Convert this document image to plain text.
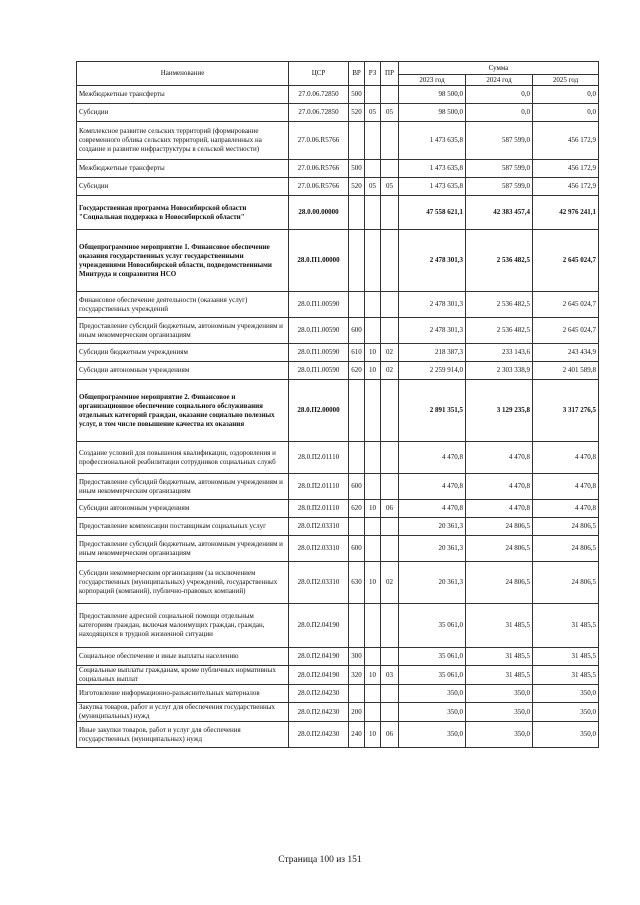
Наименование	ЦСР	ВР	РЗ	ПР	Сумма		
					2023 год	2024 год	2025 год
Межбюджетные трансферты	27.0.06.72850	500			98 500,0	0,0	0,0
Субсидии	27.0.06.72850	520	05	05	98 500,0	0,0	0,0
Комплексное развитие сельских территорий (формирование современного облика сельских территорий, направленных на создание и развитие инфраструктуры в сельской местности)	27.0.06.R5766				1 473 635,8	587 599,0	456 172,9
Межбюджетные трансферты	27.0.06.R5766	500			1 473 635,8	587 599,0	456 172,9
Субсидии	27.0.06.R5766	520	05	05	1 473 635,8	587 599,0	456 172,9
Государственная программа Новосибирской области "Социальная поддержка в Новосибирской области"	28.0.00.00000				47 558 621,1	42 383 457,4	42 976 241,1
Общепрограммное мероприятие 1. Финансовое обеспечение оказания государственных услуг государственными учреждениями Новосибирской области, подведомственными Минтруда и соцразвития НСО	28.0.П1.00000				2 478 301,3	2 536 482,5	2 645 024,7
Финансовое обеспечение деятельности (оказания услуг) государственных учреждений	28.0.П1.00590				2 478 301,3	2 536 482,5	2 645 024,7
Предоставление субсидий бюджетным, автономным учреждениям и иным некоммерческим организациям	28.0.П1.00590	600			2 478 301,3	2 536 482,5	2 645 024,7
Субсидии бюджетным учреждениям	28.0.П1.00590	610	10	02	218 387,3	233 143,6	243 434,9
Субсидии автономным учреждениям	28.0.П1.00590	620	10	02	2 259 914,0	2 303 338,9	2 401 589,8
Общепрограммное мероприятие 2. Финансовое и организационное обеспечение социального обслуживания отдельных категорий граждан, оказание социально полезных услуг, в том числе повышение качества их оказания	28.0.П2.00000				2 891 351,5	3 129 235,8	3 317 276,5
Создание условий для повышения квалификации, оздоровления и профессиональной реабилитации сотрудников социальных служб	28.0.П2.01110				4 470,8	4 470,8	4 470,8
Предоставление субсидий бюджетным, автономным учреждениям и иным некоммерческим организациям	28.0.П2.01110	600			4 470,8	4 470,8	4 470,8
Субсидии автономным учреждениям	28.0.П2.01110	620	10	06	4 470,8	4 470,8	4 470,8
Предоставление компенсации поставщикам социальных услуг	28.0.П2.03310				20 361,3	24 806,5	24 806,5
Предоставление субсидий бюджетным, автономным учреждениям и иным некоммерческим организациям	28.0.П2.03310	600			20 361,3	24 806,5	24 806,5
Субсидии некоммерческим организациям (за исключением государственных (муниципальных) учреждений, государственных корпораций (компаний), публично-правовых компаний)	28.0.П2.03310	630	10	02	20 361,3	24 806,5	24 806,5
Предоставление адресной социальной помощи отдельным категориям граждан, включая малоимущих граждан, граждан, находящихся в трудной жизненной ситуации	28.0.П2.04190				35 061,0	31 485,5	31 485,5
Социальное обеспечение и иные выплаты населению	28.0.П2.04190	300			35 061,0	31 485,5	31 485,5
Социальные выплаты гражданам, кроме публичных нормативных социальных выплат	28.0.П2.04190	320	10	03	35 061,0	31 485,5	31 485,5
Изготовление информационно-разъяснительных материалов	28.0.П2.04230				350,0	350,0	350,0
Закупка товаров, работ и услуг для обеспечения государственных (муниципальных) нужд	28.0.П2.04230	200			350,0	350,0	350,0
Иные закупки товаров, работ и услуг для обеспечения государственных (муниципальных) нужд	28.0.П2.04230	240	10	06	350,0	350,0	350,0
Страница 100 из 151
